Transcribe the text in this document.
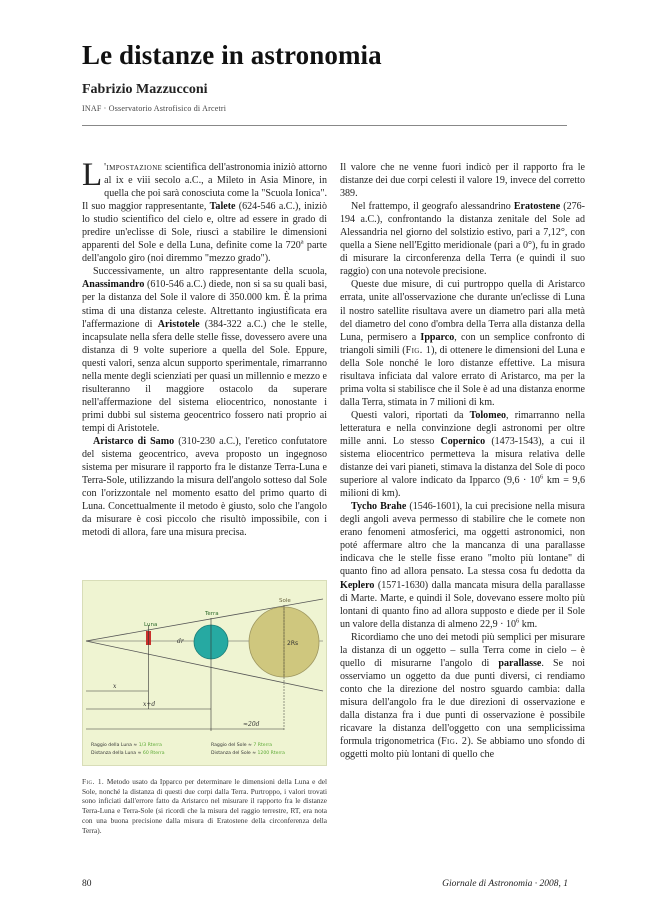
Le distanze in astronomia

Fabrizio Mazzucconi

INAF · Osservatorio Astrofisico di Arcetri

L 'impostazione scientifica dell'astronomia iniziò attorno al ix e viii secolo a.C., a Mileto in Asia Minore, in quella che poi sarà conosciuta come la "Scuola Ionica". Il suo maggior rappresentante, Talete (624-546 a.C.), iniziò lo studio scientifico del cielo e, oltre ad essere in grado di predire un'eclisse di Sole, riuscì a stabilire le dimensioni apparenti del Sole e della Luna, definite come la 720$^a$ parte dell'angolo giro (noi diremmo "mezzo grado").

Successivamente, un altro rappresentante della scuola, Anassimandro (610-546 a.C.) diede, non si sa su quali basi, per la distanza del Sole il valore di 350.000 km. È la prima stima di una distanza celeste. Altrettanto ingiustificata era l'affermazione di Aristotele (384-322 a.C.) che le stelle, incapsulate nella sfera delle stelle fisse, dovessero avere una distanza di 9 volte superiore a quella del Sole. Eppure, questi valori, senza alcun supporto sperimentale, rimarranno nella mente degli scienziati per quasi un millennio e mezzo e risulteranno il maggiore ostacolo da superare nell'affermazione del sistema eliocentrico, nonostante i primi dubbi sul sistema geocentrico fossero nati proprio ai tempi di Aristotele.

Aristarco di Samo (310-230 a.C.), l'eretico confutatore del sistema geocentrico, aveva proposto un ingegnoso sistema per misurare il rapporto fra le distanze Terra-Luna e Terra-Sole, utilizzando la misura dell'angolo sotteso dal Sole con l'orizzontale nel momento esatto del primo quarto di Luna. Concettualmente il metodo è giusto, solo che l'angolo da misurare è così piccolo che risultò impossibile, con i metodi di allora, fare una misura precisa.

Luna
Terra
Sole
dr	2Rs
x
x+d
≈20d
Raggio della Luna ≈ 1/3 Rterra
Distanza della Luna ≈ 60 Rterra
Raggio del Sole ≈ 7 Rterra
Distanza del Sole ≈ 1200 Rterra

Fig. 1. Metodo usato da Ipparco per determinare le dimensioni della Luna e del Sole, nonché la distanza di questi due corpi dalla Terra. Purtroppo, i valori trovati sono inficiati dall'errore fatto da Aristarco nel misurare il rapporto fra le distanze Terra-Luna e Terra-Sole (si ricordi che la misura del raggio terrestre, RT, era nota con una buona precisione dalla misura di Eratostene della circonferenza della Terra).

Il valore che ne venne fuori indicò per il rapporto fra le distanze dei due corpi celesti il valore 19, invece del corretto 389.

Nel frattempo, il geografo alessandrino Eratostene (276-194 a.C.), confrontando la distanza zenitale del Sole ad Alessandria nel giorno del solstizio estivo, pari a 7,12°, con quella a Siene nell'Egitto meridionale (pari a 0°), fu in grado di misurare la circonferenza della Terra (e quindi il suo raggio) con una notevole precisione.

Queste due misure, di cui purtroppo quella di Aristarco errata, unite all'osservazione che durante un'eclisse di Luna il nostro satellite risultava avere un diametro pari alla metà del diametro del cono d'ombra della Terra alla distanza della Luna, permisero a Ipparco, con un semplice confronto di triangoli simili (Fig. 1), di ottenere le dimensioni del Luna e della Sole nonché le loro distanze effettive. La misura risultava inficiata dal valore errato di Aristarco, ma per la prima volta si stabilisce che il Sole è ad una distanza enorme dalla Terra, stimata in 7 milioni di km.

Questi valori, riportati da Tolomeo, rimarranno nella letteratura e nella convinzione degli astronomi per oltre mille anni. Lo stesso Copernico (1473-1543), a cui il sistema eliocentrico permetteva la misura relativa delle distanze dei vari pianeti, stimava la distanza del Sole di poco superiore al valore indicato da Ipparco ($9,6 \cdot 10^6$ km = 9,6 milioni di km).

Tycho Brahe (1546-1601), la cui precisione nella misura degli angoli aveva permesso di stabilire che le comete non erano fenomeni atmosferici, ma oggetti astronomici, non poté affermare altro che la mancanza di una parallasse indicava che le stelle fisse erano "molto più lontane" di quanto fino ad allora pensato. La stessa cosa fu dedotta da Keplero (1571-1630) dalla mancata misura della parallasse di Marte. Marte, e quindi il Sole, dovevano essere molto più lontani di quanto fino ad allora supposto e diede per il Sole un valore della distanza di almeno $22,9 \cdot 10^6$ km.

Ricordiamo che uno dei metodi più semplici per misurare la distanza di un oggetto – sulla Terra come in cielo – è quello di misurarne l'angolo di parallasse. Se noi osserviamo un oggetto da due punti diversi, ci rendiamo conto che la direzione del nostro sguardo cambia: dalla misura dell'angolo fra le due direzioni di osservazione e dalla distanza fra i due punti di osservazione è possibile ricavare la distanza dell'oggetto con una semplicissima formula trigonometrica (Fig. 2). Se abbiamo uno sfondo di oggetti molto più lontani di quello che

80	Giornale di Astronomia · 2008, 1
